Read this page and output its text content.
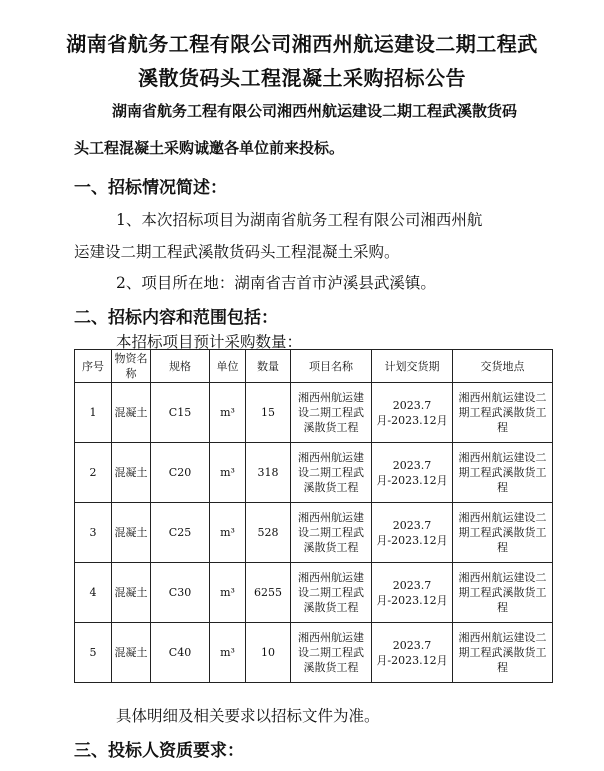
湖南省航务工程有限公司湘西州航运建设二期工程武
溪散货码头工程混凝土采购招标公告
湖南省航务工程有限公司湘西州航运建设二期工程武溪散货码
头工程混凝土采购诚邀各单位前来投标。
一、招标情况简述：
1、本次招标项目为湖南省航务工程有限公司湘西州航
运建设二期工程武溪散货码头工程混凝土采购。
2、项目所在地：湖南省吉首市泸溪县武溪镇。
二、招标内容和范围包括：
本招标项目预计采购数量：
序号	物资名称	规格	单位	数量	项目名称	计划交货期	交货地点
1	混凝土	C15	m³	15	湘西州航运建设二期工程武溪散货工程	2023.7月-2023.12月	湘西州航运建设二期工程武溪散货工程
2	混凝土	C20	m³	318	湘西州航运建设二期工程武溪散货工程	2023.7月-2023.12月	湘西州航运建设二期工程武溪散货工程
3	混凝土	C25	m³	528	湘西州航运建设二期工程武溪散货工程	2023.7月-2023.12月	湘西州航运建设二期工程武溪散货工程
4	混凝土	C30	m³	6255	湘西州航运建设二期工程武溪散货工程	2023.7月-2023.12月	湘西州航运建设二期工程武溪散货工程
5	混凝土	C40	m³	10	湘西州航运建设二期工程武溪散货工程	2023.7月-2023.12月	湘西州航运建设二期工程武溪散货工程
具体明细及相关要求以招标文件为准。
三、投标人资质要求：
